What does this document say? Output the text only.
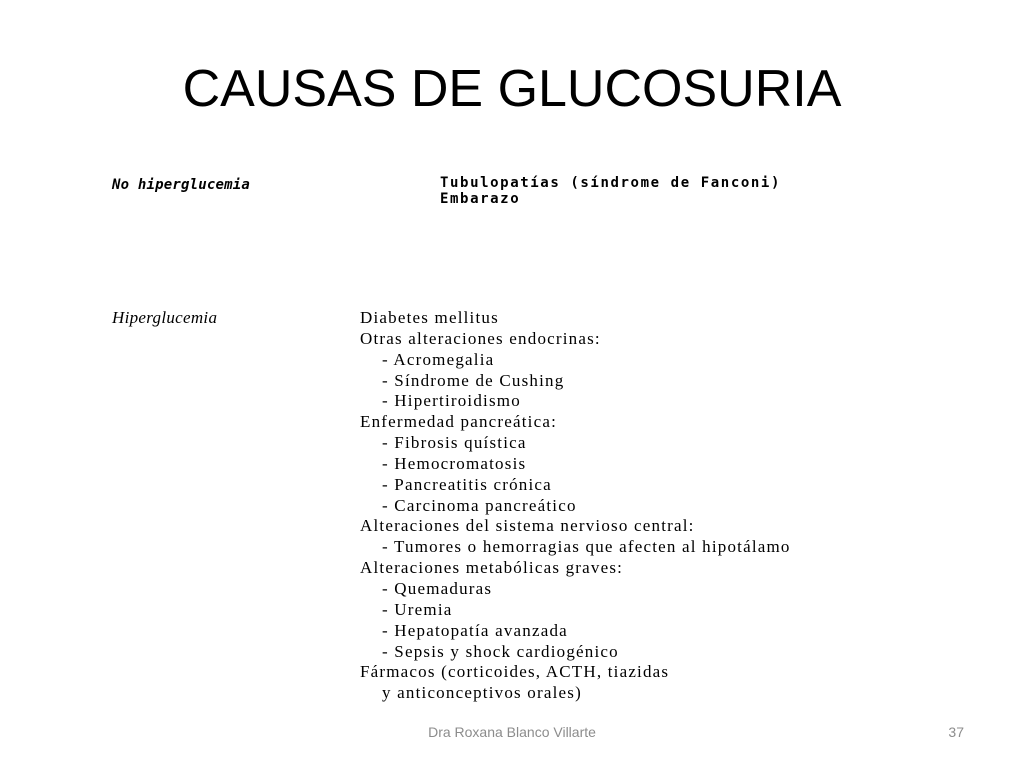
CAUSAS DE GLUCOSURIA
No hiperglucemia	Tubulopatías (síndrome de Fanconi)
Embarazo
Hiperglucemia	Diabetes mellitus
Otras alteraciones endocrinas:
- Acromegalia
- Síndrome de Cushing
- Hipertiroidismo
Enfermedad pancreática:
- Fibrosis quística
- Hemocromatosis
- Pancreatitis crónica
- Carcinoma pancreático
Alteraciones del sistema nervioso central:
- Tumores o hemorragias que afecten al hipotálamo
Alteraciones metabólicas graves:
- Quemaduras
- Uremia
- Hepatopatía avanzada
- Sepsis y shock cardiogénico
Fármacos (corticoides, ACTH, tiazidas
y anticonceptivos orales)
Dra Roxana Blanco Villarte	37
